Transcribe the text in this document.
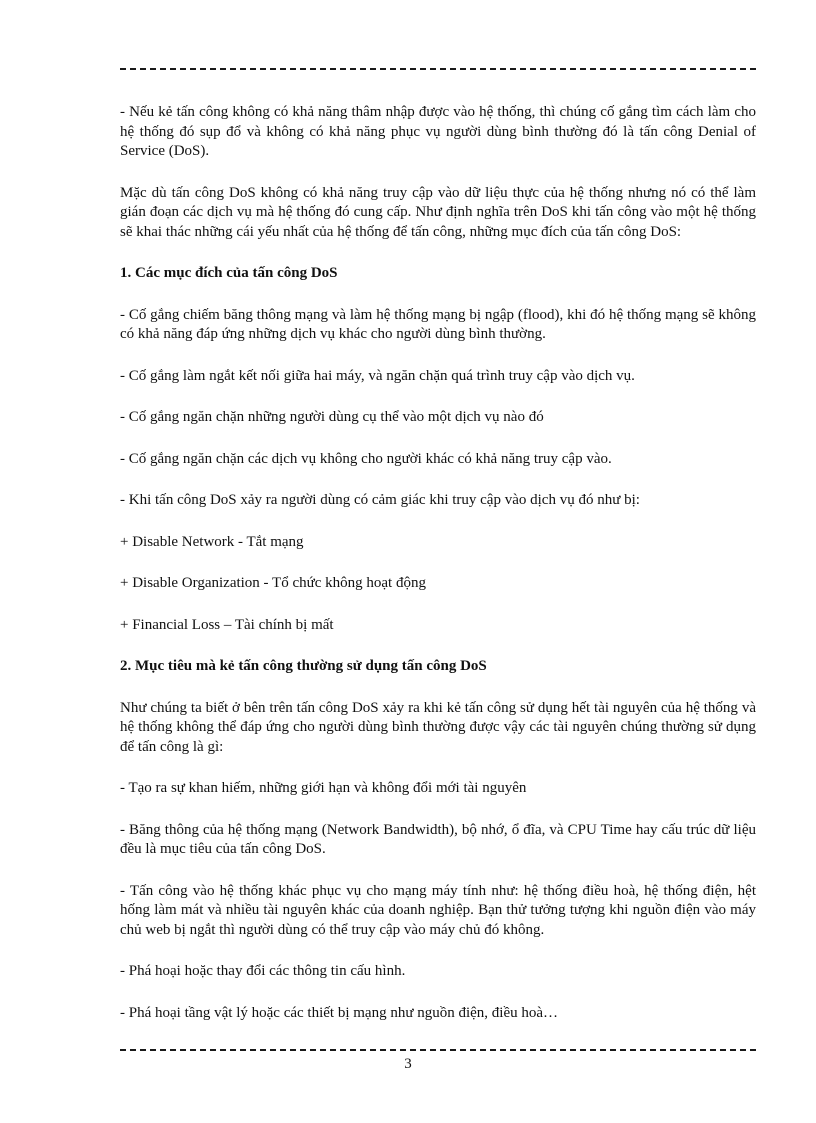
- Nếu kẻ tấn công không có khả năng thâm nhập được vào hệ thống, thì chúng cố gắng tìm cách làm cho hệ thống đó sụp đổ và không có khả năng phục vụ người dùng bình thường đó là tấn công Denial of Service (DoS).

Mặc dù tấn công DoS không có khả năng truy cập vào dữ liệu thực của hệ thống nhưng nó có thể làm gián đoạn các dịch vụ mà hệ thống đó cung cấp. Như định nghĩa trên DoS khi tấn công vào một hệ thống sẽ khai thác những cái yếu nhất của hệ thống để tấn công, những mục đích của tấn công DoS:

1. Các mục đích của tấn công DoS

- Cố gắng chiếm băng thông mạng và làm hệ thống mạng bị ngập (flood), khi đó hệ thống mạng sẽ không có khả năng đáp ứng những dịch vụ khác cho người dùng bình thường.

- Cố gắng làm ngắt kết nối giữa hai máy, và ngăn chặn quá trình truy cập vào dịch vụ.

- Cố gắng ngăn chặn những người dùng cụ thể vào một dịch vụ nào đó

- Cố gắng ngăn chặn các dịch vụ không cho người khác có khả năng truy cập vào.

- Khi tấn công DoS xảy ra người dùng có cảm giác khi truy cập vào dịch vụ đó như bị:

+ Disable Network - Tắt mạng

+ Disable Organization - Tổ chức không hoạt động

+ Financial Loss – Tài chính bị mất

2. Mục tiêu mà kẻ tấn công thường sử dụng tấn công DoS

Như chúng ta biết ở bên trên tấn công DoS xảy ra khi kẻ tấn công sử dụng hết tài nguyên của hệ thống và hệ thống không thể đáp ứng cho người dùng bình thường được vậy các tài nguyên chúng thường sử dụng để tấn công là gì:

- Tạo ra sự khan hiếm, những giới hạn và không đổi mới tài nguyên

- Băng thông của hệ thống mạng (Network Bandwidth), bộ nhớ, ổ đĩa, và CPU Time hay cấu trúc dữ liệu đều là mục tiêu của tấn công DoS.

- Tấn công vào hệ thống khác phục vụ cho mạng máy tính như: hệ thống điều hoà, hệ thống điện, hệt hống làm mát và nhiều tài nguyên khác của doanh nghiệp. Bạn thử tưởng tượng khi nguồn điện vào máy chủ web bị ngắt thì người dùng có thể truy cập vào máy chủ đó không.

- Phá hoại hoặc thay đổi các thông tin cấu hình.

- Phá hoại tầng vật lý hoặc các thiết bị mạng như nguồn điện, điều hoà…

3
